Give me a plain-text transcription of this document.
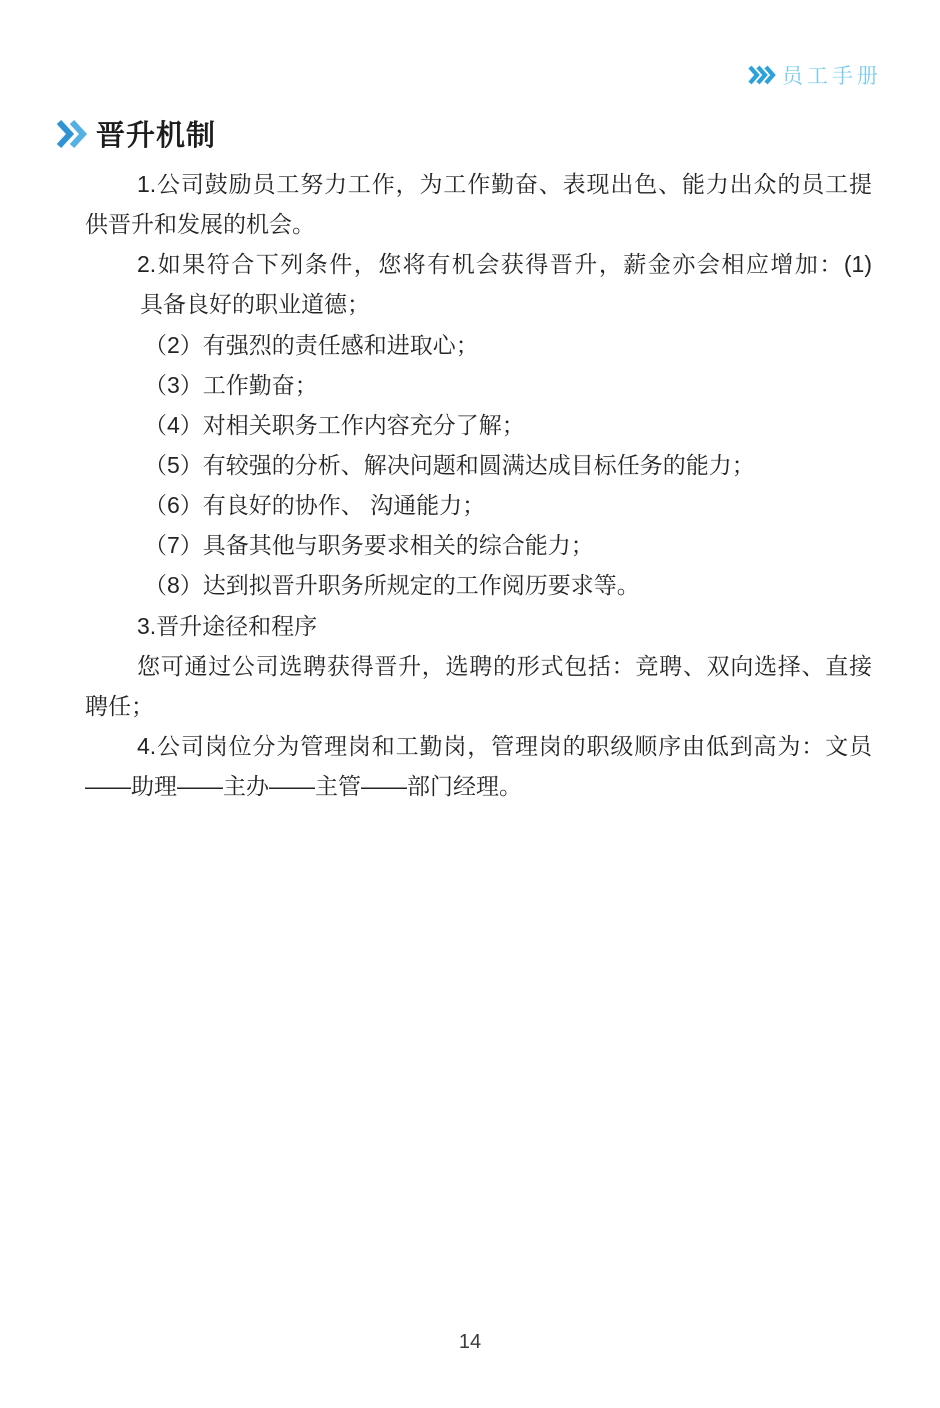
员工手册
晋升机制
1.公司鼓励员工努力工作，为工作勤奋、表现出色、能力出众的员工提
供晋升和发展的机会。
2.如果符合下列条件，您将有机会获得晋升，薪金亦会相应增加：(1)
具备良好的职业道德；
（2）有强烈的责任感和进取心；
（3）工作勤奋；
（4）对相关职务工作内容充分了解；
（5）有较强的分析、解决问题和圆满达成目标任务的能力；
（6）有良好的协作、 沟通能力；
（7）具备其他与职务要求相关的综合能力；
（8）达到拟晋升职务所规定的工作阅历要求等。
3.晋升途径和程序
您可通过公司选聘获得晋升，选聘的形式包括：竞聘、双向选择、直接
聘任；
4.公司岗位分为管理岗和工勤岗，管理岗的职级顺序由低到高为：文员
——助理——主办——主管——部门经理。
14
